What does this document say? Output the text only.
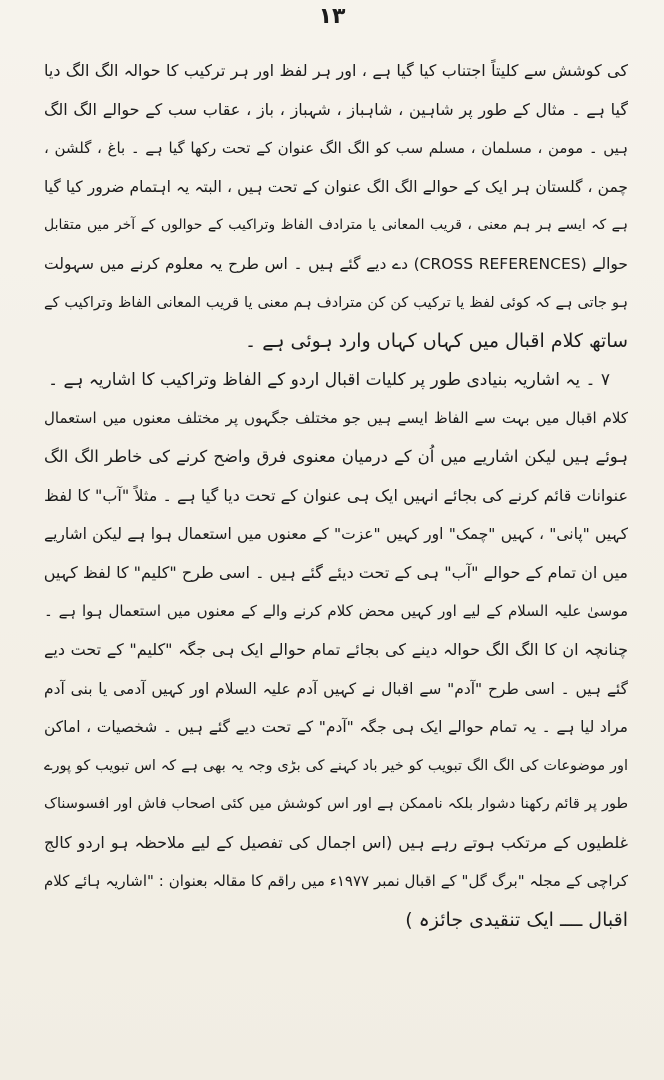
۱۳
کی کوشش سے کلیتاً اجتناب کیا گیا ہے ، اور ہر لفظ اور ہر ترکیب کا حوالہ الگ الگ دیا
گیا ہے ۔ مثال کے طور پر شاہین ، شاہباز ، شہباز ، باز ، عقاب سب کے حوالے الگ الگ
ہیں ۔ مومن ، مسلمان ، مسلم سب کو الگ الگ عنوان کے تحت رکھا گیا ہے ۔ باغ ، گلشن ،
چمن ، گلستان ہر ایک کے حوالے الگ الگ عنوان کے تحت ہیں ، البتہ یہ اہتمام ضرور کیا گیا
ہے کہ ایسے ہر ہم معنی ، قریب المعانی یا مترادف الفاظ وتراکیب کے حوالوں کے آخر میں متقابل
حوالے (CROSS REFERENCES) دے دیے گئے ہیں ۔ اس طرح یہ معلوم کرنے میں سہولت
ہو جاتی ہے کہ کوئی لفظ یا ترکیب کن کن مترادف ہم معنی یا قریب المعانی الفاظ وتراکیب کے
ساتھ کلام اقبال میں کہاں کہاں وارد ہوئی ہے ۔
۷ ۔ یہ اشاریہ بنیادی طور پر کلیات اقبال اردو کے الفاظ وتراکیب کا اشاریہ ہے ۔
کلام اقبال میں بہت سے الفاظ ایسے ہیں جو مختلف جگہوں پر مختلف معنوں میں استعمال
ہوئے ہیں لیکن اشاریے میں اُن کے درمیان معنوی فرق واضح کرنے کی خاطر الگ الگ
عنوانات قائم کرنے کی بجائے انہیں ایک ہی عنوان کے تحت دیا گیا ہے ۔ مثلاً "آب" کا لفظ
کہیں "پانی" ، کہیں "چمک" اور کہیں "عزت" کے معنوں میں استعمال ہوا ہے لیکن اشاریے
میں ان تمام کے حوالے "آب" ہی کے تحت دیئے گئے ہیں ۔ اسی طرح "کلیم" کا لفظ کہیں
موسیٰ علیہ السلام کے لیے اور کہیں محض کلام کرنے والے کے معنوں میں استعمال ہوا ہے ۔
چنانچہ ان کا الگ الگ حوالہ دینے کی بجائے تمام حوالے ایک ہی جگہ "کلیم" کے تحت دیے
گئے ہیں ۔ اسی طرح "آدم" سے اقبال نے کہیں آدم علیہ السلام اور کہیں آدمی یا بنی آدم
مراد لیا ہے ۔ یہ تمام حوالے ایک ہی جگہ "آدم" کے تحت دیے گئے ہیں ۔ شخصیات ، اماکن
اور موضوعات کی الگ الگ تبویب کو خیر باد کہنے کی بڑی وجہ یہ بھی ہے کہ اس تبویب کو پورے
طور پر قائم رکھنا دشوار بلکہ ناممکن ہے اور اس کوشش میں کئی اصحاب فاش اور افسوسناک
غلطیوں کے مرتکب ہوتے رہے ہیں (اس اجمال کی تفصیل کے لیے ملاحظہ ہو اردو کالج
کراچی کے مجلہ "برگ گل" کے اقبال نمبر ۱۹۷۷ء میں راقم کا مقالہ بعنوان : "اشاریہ ہائے کلام
اقبال ــــ ایک تنقیدی جائزہ )
